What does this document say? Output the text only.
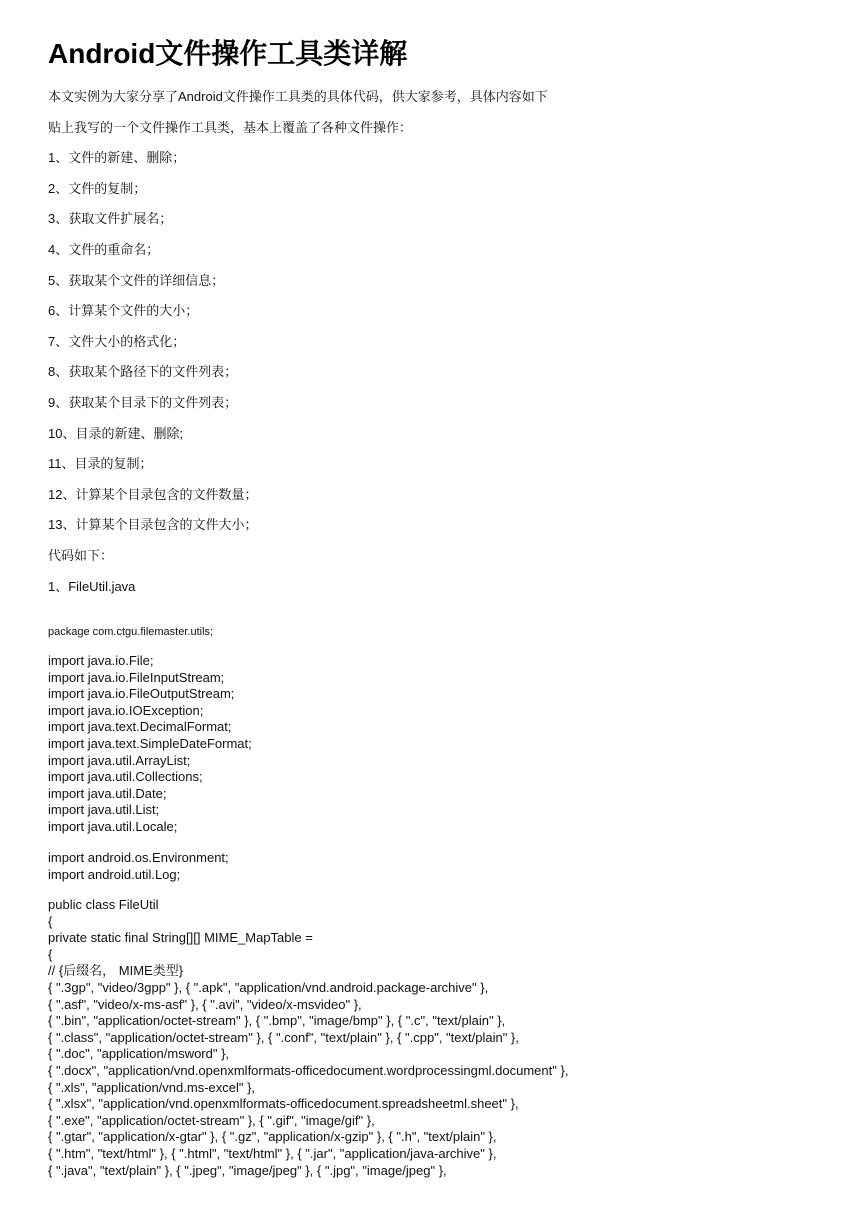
Android文件操作工具类详解

本文实例为大家分享了Android文件操作工具类的具体代码，供大家参考，具体内容如下

贴上我写的一个文件操作工具类，基本上覆盖了各种文件操作：

1、文件的新建、删除；

2、文件的复制；

3、获取文件扩展名；

4、文件的重命名；

5、获取某个文件的详细信息；

6、计算某个文件的大小；

7、文件大小的格式化；

8、获取某个路径下的文件列表；

9、获取某个目录下的文件列表；

10、目录的新建、删除;

11、目录的复制；

12、计算某个目录包含的文件数量；

13、计算某个目录包含的文件大小；

代码如下：

1、FileUtil.java

package com.ctgu.filemaster.utils;
import java.io.File;
import java.io.FileInputStream;
import java.io.FileOutputStream;
import java.io.IOException;
import java.text.DecimalFormat;
import java.text.SimpleDateFormat;
import java.util.ArrayList;
import java.util.Collections;
import java.util.Date;
import java.util.List;
import java.util.Locale;
import android.os.Environment;
import android.util.Log;
public class FileUtil
{
private static final String[][] MIME_MapTable =
{
// {后缀名， MIME类型}
{ ".3gp", "video/3gpp" }, { ".apk", "application/vnd.android.package-archive" },
{ ".asf", "video/x-ms-asf" }, { ".avi", "video/x-msvideo" },
{ ".bin", "application/octet-stream" }, { ".bmp", "image/bmp" }, { ".c", "text/plain" },
{ ".class", "application/octet-stream" }, { ".conf", "text/plain" }, { ".cpp", "text/plain" },
{ ".doc", "application/msword" },
{ ".docx", "application/vnd.openxmlformats-officedocument.wordprocessingml.document" },
{ ".xls", "application/vnd.ms-excel" },
{ ".xlsx", "application/vnd.openxmlformats-officedocument.spreadsheetml.sheet" },
{ ".exe", "application/octet-stream" }, { ".gif", "image/gif" },
{ ".gtar", "application/x-gtar" }, { ".gz", "application/x-gzip" }, { ".h", "text/plain" },
{ ".htm", "text/html" }, { ".html", "text/html" }, { ".jar", "application/java-archive" },
{ ".java", "text/plain" }, { ".jpeg", "image/jpeg" }, { ".jpg", "image/jpeg" },
